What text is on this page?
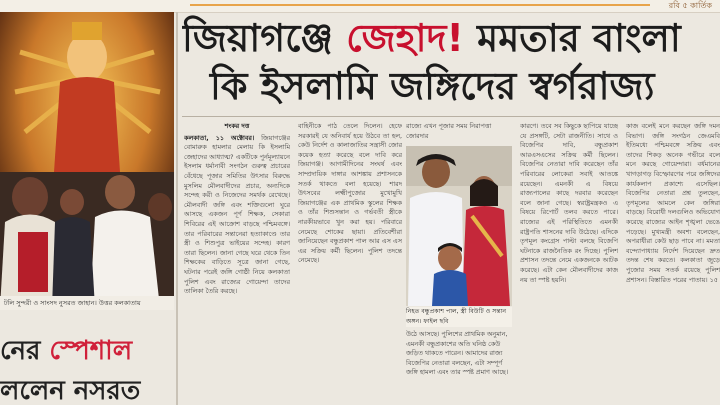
রবি ৫ কার্তিক
টলি সুন্দরী ও সাংসদ নুসরত জাহান। উত্তর কলকাতায়
নের স্পেশাল
ললেন নসরত
জিয়াগঞ্জে জেহাদ! মমতার বাংলা
কি ইসলামি জঙ্গিদের স্বর্গরাজ্য
শংকর দত্ত
কলকাতা, ১১ অক্টোবর। জিয়াগঞ্জের বোমারুক হামলার মেলায় কি ইসলামি জেহাদের আধ্যাত্ম? একটিকে পুর্নমূল্যায়নে ইসলাম ধর্মানাবী সংগঠন গুরুত্ব প্রচারের বেঁধেছে পূজার সমিতির উৎসার বিরুদ্ধে মুসলিম মৌলবাদীদের প্রচার, অন্যদিকে সন্দেহ করী ও নিজেদের সমর্থক রেখেছে। মৌলবাদী জঙ্গি এবং শক্তিগুলো ঘুরে আসছে একজন পূর্ণ শিক্ষক, সেকারা শিবিরের এই আক্রোশ বাড়ছে পশ্চিমবঙ্গে। তার পরিবারের সন্তানেরা হত্যাকাণ্ডে তার স্ত্রী ও শিশুপুত্র ভাইয়ের সন্দেহ। কারণ তারা ছিলেন। জানা গেছে ঘরে থেকে তিন শিক্ষকের বাড়িতে সূত্রে জানা গেছে, ঘটনার পরেই জঙ্গি গোষ্ঠী নিয়ে কলকাতা পুলিশ এবং রাজ্যের গোয়েন্দা তাদের তালিকা তৈরি করছে।
বাহিনীকে পাঠ তেলে দিলেন। হেফে সরকারই যে অনিবার্য হয়ে উঠবে তা হল, কেউ নির্দেশ ও কালাজাতির সন্ত্রাসী জোর কয়েক হত্যা করেছে বলে দাবি করে জিয়াগঞ্জ। আগামীদিনের সংঘর্ষ এবং সাম্প্রদায়িক দাঙ্গার আশঙ্কায় প্রশাসনকে সতর্ক থাকতে বলা হয়েছে। শারদ উৎসবের লক্ষ্মীপুজোর মুখোমুখি জিয়াগঞ্জের এক প্রাথমিক স্কুলের শিক্ষক ও তাঁর শিশুসন্তান ও গর্ভবতী স্ত্রীকে নারকীয়ভাবে খুন করা হয়। পরিবারে নেমেছে শোকের ছায়া। প্রতিবেশীরা জানিয়েছেন বন্ধুপ্রকাশ পাল আর এস এস এর সক্রিয় কর্মী ছিলেন। পুলিশ তদন্তে নেমেছে।
রাজ্যে এখন পূজার সময় নিরাপত্তা জোরদার
নিহত বন্ধুপ্রকাশ পাল, স্ত্রী বিউটি ও সন্তান অঙ্গন। ফাইল ছবি
উঠে আসছে। পুলিশের প্রাথমিক অনুমান, এমনকী বন্ধুপ্রকাশের অতি ঘনিষ্ঠ কেউ জড়িত থাকতে পারেন। আমাদের রাজ্য বিজেপির নেতারা বলছেন, এটা সম্পূর্ণ জঙ্গি হামলা এবং তার স্পষ্ট প্রমাণ আছে।
কারণে। তবে সব কিছুকে ছাপিয়ে যাচ্ছে যে প্রসঙ্গটি, সেটা রাজনীতি। সাথে ও বিজেপির দাবি, বন্ধুপ্রকাশ আরএসএসের সক্রিয় কর্মী ছিলেন। বিজেপির নেতারা দাবি করেছেন তাঁর পরিবারের লোকেরা সবাই আতঙ্কে রয়েছেন। এমনকী এ বিষয়ে রাজ্যপালের কাছে দরবার করেছেন বলে জানা গেছে। স্বরাষ্ট্রমন্ত্রকও এ বিষয়ে রিপোর্ট তলব করতে পারে। রাজ্যের এই পরিস্থিতিতে এমনকী রাষ্ট্রপতি শাসনের দাবি উঠেছে। এদিকে তৃণমূল কংগ্রেস পাল্টা বলছে বিজেপি ঘটনাকে রাজনৈতিক রং দিচ্ছে। পুলিশ প্রশাসন তদন্তে নেমে একজনকে আটক করেছে। এটা কেন মৌলবাদীদের কাজ নয় তা স্পষ্ট হয়নি।
কাজ বলেই মনে করছেন জঙ্গি দমন বিভাগ। জঙ্গি সংগঠন জেএমবি ইতিমধ্যে পশ্চিমবঙ্গে সক্রিয় এবং তাদের শিকড় অনেক গভীরে বলে মনে করছে গোয়েন্দারা। বর্ধমানের খাগড়াগড় বিস্ফোরণের পরে জঙ্গিদের কার্যকলাপ প্রকাশ্যে এসেছিল। বিজেপির নেতারা প্রশ্ন তুলছেন, তৃণমূলের আমলে কেন জঙ্গিরা বাড়ছে। বিরোধী দলগুলিও অভিযোগ করেছে রাজ্যের আইন শৃঙ্খলা ভেঙে পড়েছে। মুখ্যমন্ত্রী অবশ্য বলেছেন, অপরাধীরা কেউ ছাড় পাবে না। মমতা বন্দ্যোপাধ্যায় নির্দেশ দিয়েছেন দ্রুত তদন্ত শেষ করতে। কলকাতা জুড়ে পুজোর সময় সতর্ক রয়েছে পুলিশ প্রশাসন। বিস্তারিত পরের পাতায়। ১৫
